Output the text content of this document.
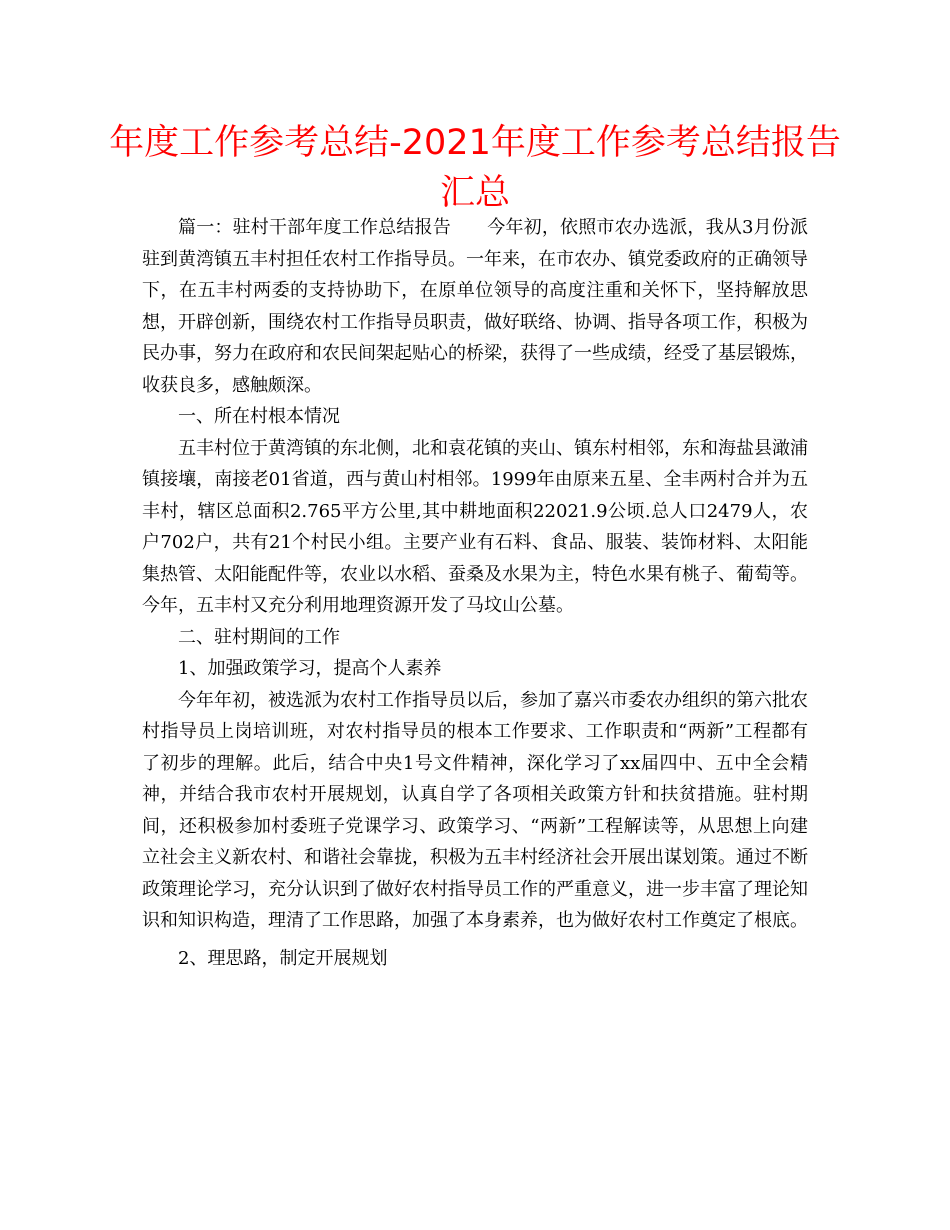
年度工作参考总结-2021年度工作参考总结报告汇总

篇一：驻村干部年度工作总结报告　　今年初，依照市农办选派，我从3月份派驻到黄湾镇五丰村担任农村工作指导员。一年来，在市农办、镇党委政府的正确领导下，在五丰村两委的支持协助下，在原单位领导的高度注重和关怀下，坚持解放思想，开辟创新，围绕农村工作指导员职责，做好联络、协调、指导各项工作，积极为民办事，努力在政府和农民间架起贴心的桥梁，获得了一些成绩，经受了基层锻炼，收获良多，感触颇深。

一、所在村根本情况

五丰村位于黄湾镇的东北侧，北和袁花镇的夹山、镇东村相邻，东和海盐县澉浦镇接壤，南接老01省道，西与黄山村相邻。1999年由原来五星、全丰两村合并为五丰村，辖区总面积2.765平方公里,其中耕地面积22021.9公顷.总人口2479人，农户702户，共有21个村民小组。主要产业有石料、食品、服装、装饰材料、太阳能集热管、太阳能配件等，农业以水稻、蚕桑及水果为主，特色水果有桃子、葡萄等。今年，五丰村又充分利用地理资源开发了马坟山公墓。

二、驻村期间的工作

1、加强政策学习，提高个人素养

今年年初，被选派为农村工作指导员以后，参加了嘉兴市委农办组织的第六批农村指导员上岗培训班，对农村指导员的根本工作要求、工作职责和“两新”工程都有了初步的理解。此后，结合中央1号文件精神，深化学习了xx届四中、五中全会精神，并结合我市农村开展规划，认真自学了各项相关政策方针和扶贫措施。驻村期间，还积极参加村委班子党课学习、政策学习、“两新”工程解读等，从思想上向建立社会主义新农村、和谐社会靠拢，积极为五丰村经济社会开展出谋划策。通过不断政策理论学习，充分认识到了做好农村指导员工作的严重意义，进一步丰富了理论知识和知识构造，理清了工作思路，加强了本身素养，也为做好农村工作奠定了根底。

2、理思路，制定开展规划
